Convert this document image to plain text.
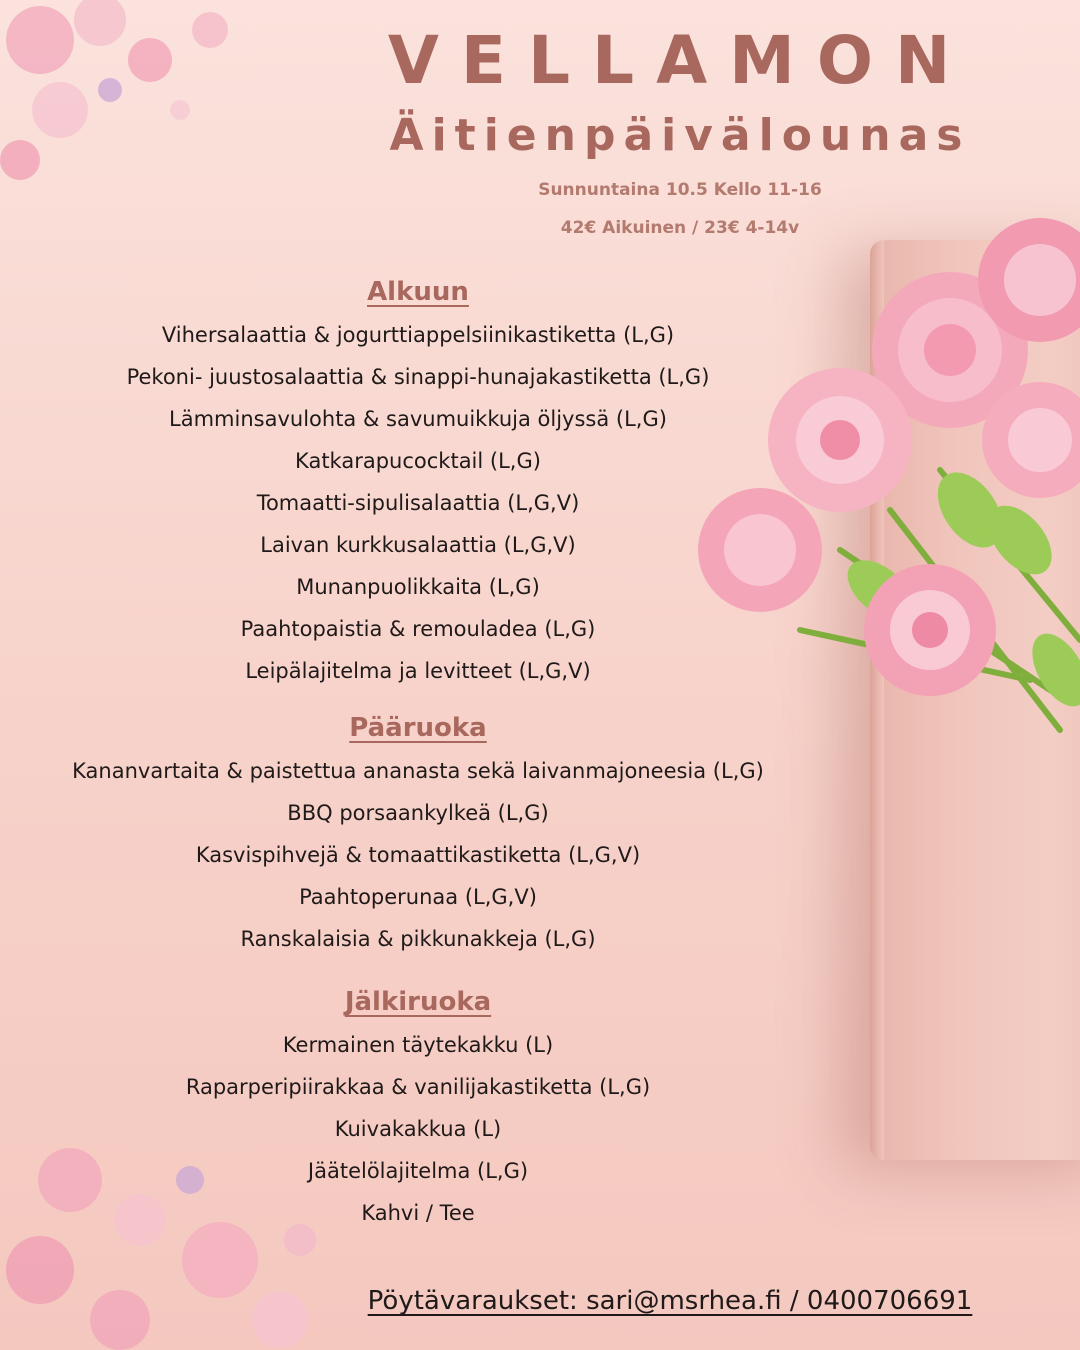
VELLAMON
Äitienpäivälounas
Sunnuntaina 10.5 Kello 11-16
42€ Aikuinen / 23€ 4-14v
Alkuun
Vihersalaattia & jogurttiappelsiinikastiketta (L,G)
Pekoni- juustosalaattia & sinappi-hunajakastiketta (L,G)
Lämminsavulohta & savumuikkuja öljyssä (L,G)
Katkarapucocktail (L,G)
Tomaatti-sipulisalaattia (L,G,V)
Laivan kurkkusalaattia (L,G,V)
Munanpuolikkaita (L,G)
Paahtopaistia & remouladea (L,G)
Leipälajitelma ja levitteet (L,G,V)
Pääruoka
Kananvartaita & paistettua ananasta sekä laivanmajoneesia (L,G)
BBQ porsaankylkeä (L,G)
Kasvispihvejä & tomaattikastiketta (L,G,V)
Paahtoperunaa (L,G,V)
Ranskalaisia & pikkunakkeja (L,G)
Jälkiruoka
Kermainen täytekakku (L)
Raparperipiirakkaa & vanilijakastiketta (L,G)
Kuivakakkua (L)
Jäätelölajitelma (L,G)
Kahvi / Tee
Pöytävaraukset: sari@msrhea.fi / 0400706691
